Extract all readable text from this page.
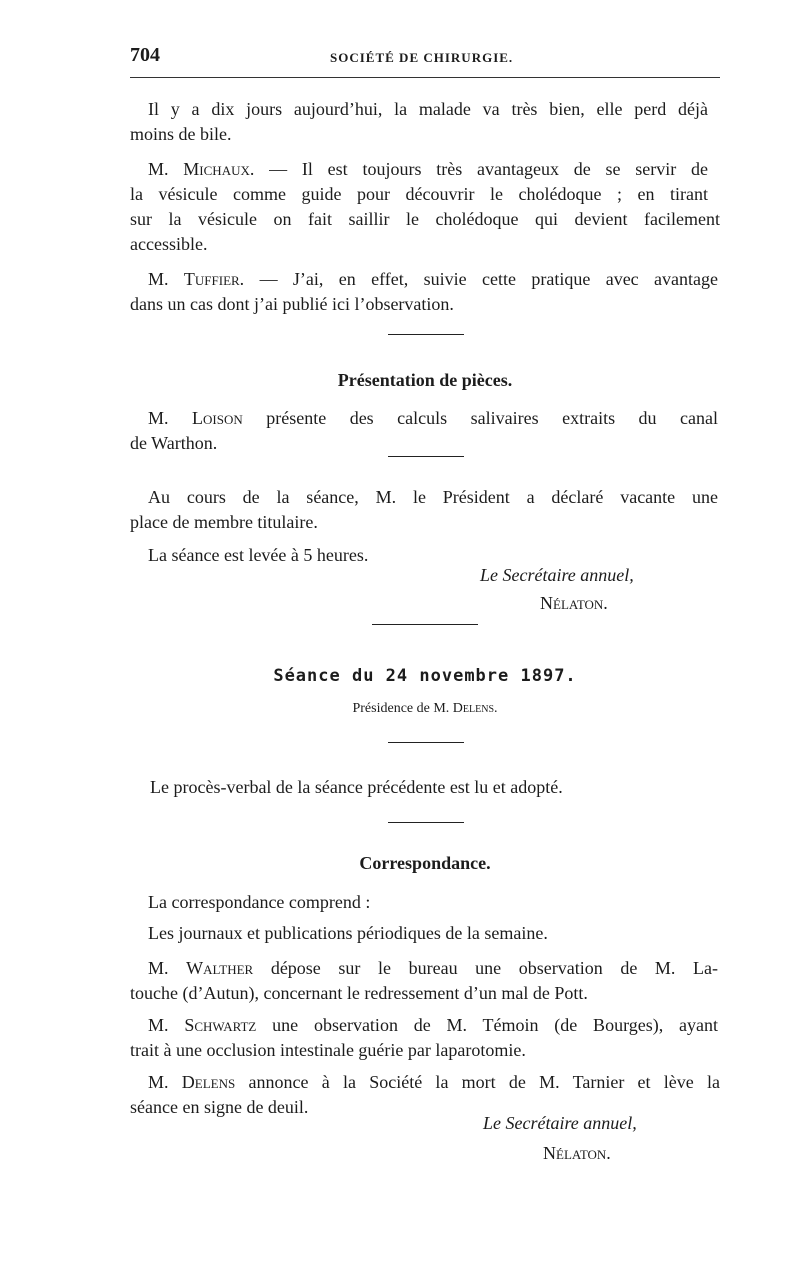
704	SOCIÉTÉ DE CHIRURGIE.
Il y a dix jours aujourd’hui, la malade va très bien, elle perd déjà
moins de bile.
M. Michaux. — Il est toujours très avantageux de se servir de
la vésicule comme guide pour découvrir le cholédoque ; en tirant
sur la vésicule on fait saillir le cholédoque qui devient facilement
accessible.
M. Tuffier. — J’ai, en effet, suivie cette pratique avec avantage
dans un cas dont j’ai publié ici l’observation.
Présentation de pièces.
M. Loison présente des calculs salivaires extraits du canal
de Warthon.
Au cours de la séance, M. le Président a déclaré vacante une
place de membre titulaire.
La séance est levée à 5 heures.
Le Secrétaire annuel,
Nélaton.
Séance du 24 novembre 1897.
Présidence de M. Delens.
Le procès-verbal de la séance précédente est lu et adopté.
Correspondance.
La correspondance comprend :
Les journaux et publications périodiques de la semaine.
M. Walther dépose sur le bureau une observation de M. La-
touche (d’Autun), concernant le redressement d’un mal de Pott.
M. Schwartz une observation de M. Témoin (de Bourges), ayant
trait à une occlusion intestinale guérie par laparotomie.
M. Delens annonce à la Société la mort de M. Tarnier et lève la
séance en signe de deuil.
Le Secrétaire annuel,
Nélaton.
